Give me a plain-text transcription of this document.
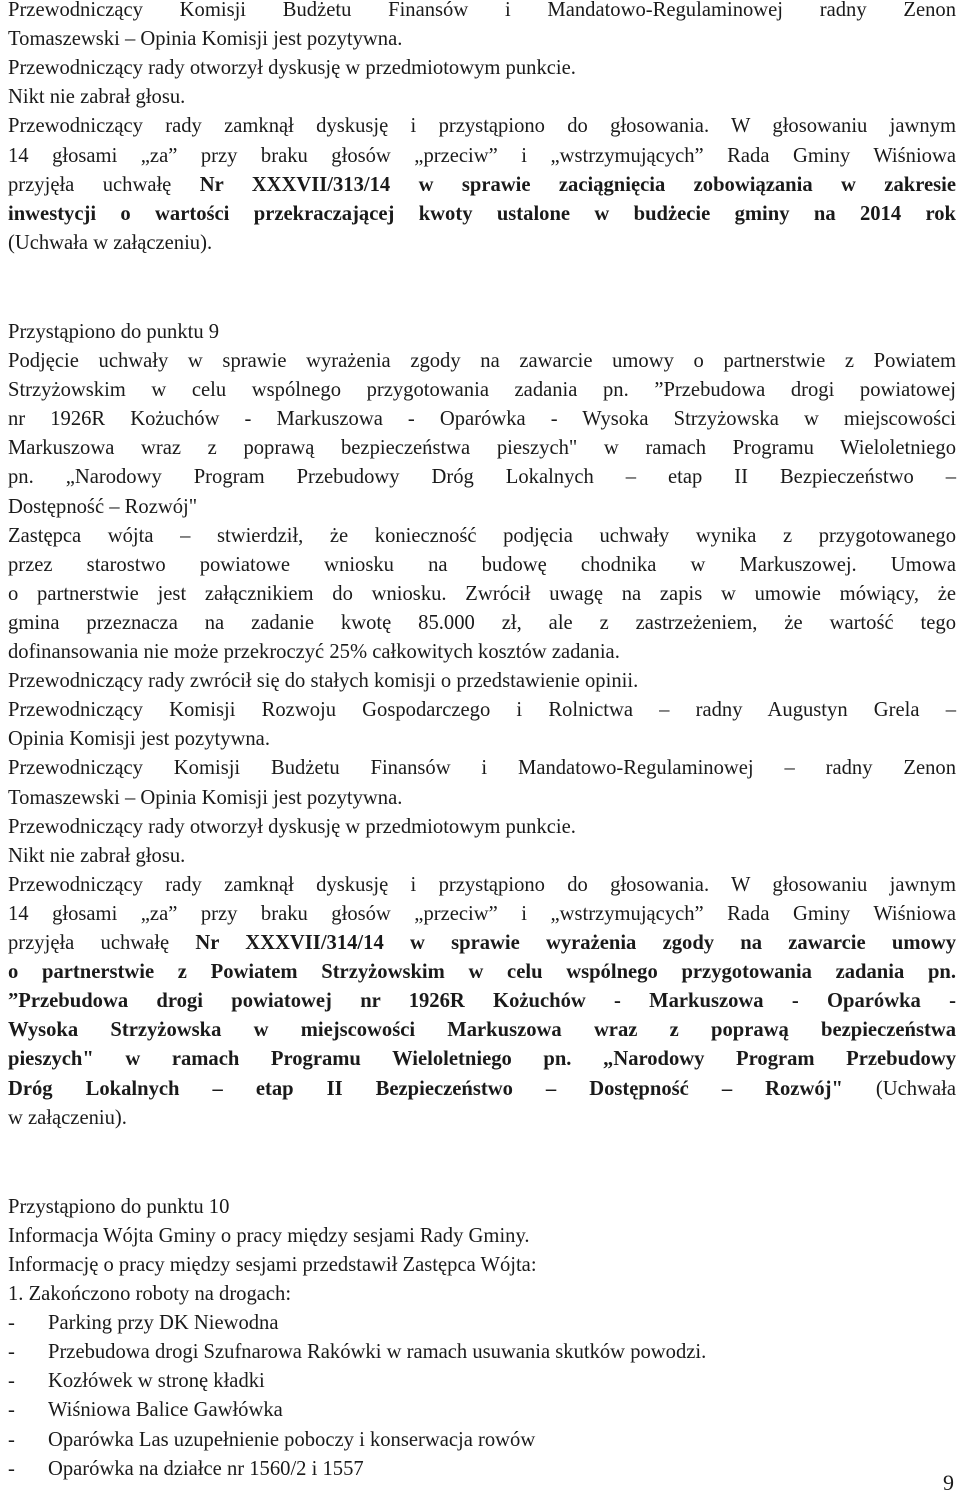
Przewodniczący Komisji Budżetu Finansów i Mandatowo-Regulaminowej radny Zenon
Tomaszewski – Opinia Komisji jest pozytywna.
Przewodniczący rady otworzył dyskusję w przedmiotowym punkcie.
Nikt nie zabrał głosu.
Przewodniczący rady zamknął dyskusję i przystąpiono do głosowania. W głosowaniu jawnym
14 głosami „za” przy braku głosów „przeciw” i „wstrzymujących” Rada Gminy Wiśniowa
przyjęła uchwałę Nr XXXVII/313/14 w sprawie zaciągnięcia zobowiązania w zakresie
inwestycji o wartości przekraczającej kwoty ustalone w budżecie gminy na 2014 rok
(Uchwała w załączeniu).
Przystąpiono do punktu 9
Podjęcie uchwały w sprawie wyrażenia zgody na zawarcie umowy o partnerstwie z Powiatem
Strzyżowskim w celu wspólnego przygotowania zadania pn. ”Przebudowa drogi powiatowej
nr 1926R Kożuchów - Markuszowa - Oparówka - Wysoka Strzyżowska w miejscowości
Markuszowa wraz z poprawą bezpieczeństwa pieszych" w ramach Programu Wieloletniego
pn. „Narodowy Program Przebudowy Dróg Lokalnych – etap II Bezpieczeństwo –
Dostępność – Rozwój"
Zastępca wójta – stwierdził, że konieczność podjęcia uchwały wynika z przygotowanego
przez starostwo powiatowe wniosku na budowę chodnika w Markuszowej. Umowa
o partnerstwie jest załącznikiem do wniosku. Zwrócił uwagę na zapis w umowie mówiący, że
gmina przeznacza na zadanie kwotę 85.000 zł, ale z zastrzeżeniem, że wartość tego
dofinansowania nie może przekroczyć 25% całkowitych kosztów zadania.
Przewodniczący rady zwrócił się do stałych komisji o przedstawienie opinii.
Przewodniczący Komisji Rozwoju Gospodarczego i Rolnictwa – radny Augustyn Grela –
Opinia Komisji jest pozytywna.
Przewodniczący Komisji Budżetu Finansów i Mandatowo-Regulaminowej – radny Zenon
Tomaszewski – Opinia Komisji jest pozytywna.
Przewodniczący rady otworzył dyskusję w przedmiotowym punkcie.
Nikt nie zabrał głosu.
Przewodniczący rady zamknął dyskusję i przystąpiono do głosowania. W głosowaniu jawnym
14 głosami „za” przy braku głosów „przeciw” i „wstrzymujących” Rada Gminy Wiśniowa
przyjęła uchwałę Nr XXXVII/314/14 w sprawie wyrażenia zgody na zawarcie umowy
o partnerstwie z Powiatem Strzyżowskim w celu wspólnego przygotowania zadania pn.
”Przebudowa drogi powiatowej nr 1926R Kożuchów - Markuszowa - Oparówka -
Wysoka Strzyżowska w miejscowości Markuszowa wraz z poprawą bezpieczeństwa
pieszych" w ramach Programu Wieloletniego pn. „Narodowy Program Przebudowy
Dróg Lokalnych – etap II Bezpieczeństwo – Dostępność – Rozwój" (Uchwała
w załączeniu).
Przystąpiono do punktu 10
Informacja Wójta Gminy o pracy między sesjami Rady Gminy.
Informację o pracy między sesjami przedstawił Zastępca Wójta:
1. Zakończono roboty na drogach:
- Parking przy DK Niewodna
- Przebudowa drogi Szufnarowa Rakówki w ramach usuwania skutków powodzi.
- Kozłówek w stronę kładki
- Wiśniowa Balice Gawłówka
- Oparówka Las uzupełnienie poboczy i konserwacja rowów
- Oparówka na działce nr 1560/2 i 1557
9
